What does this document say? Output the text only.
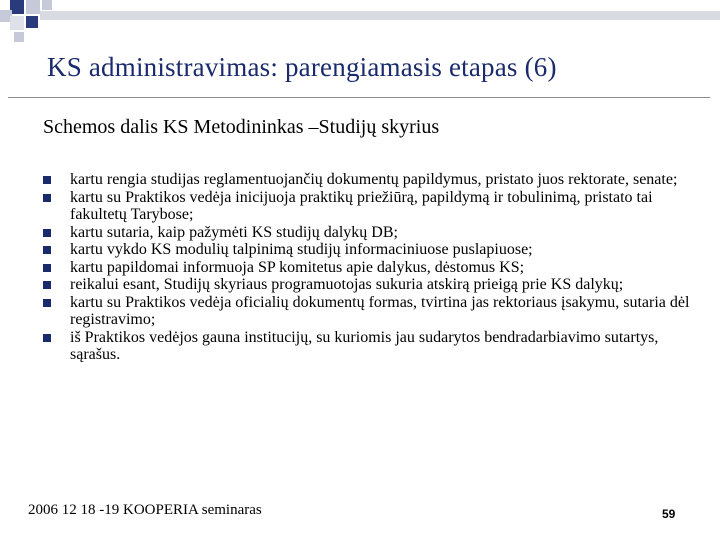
KS administravimas: parengiamasis etapas (6)
Schemos dalis KS Metodininkas –Studijų skyrius
kartu rengia studijas reglamentuojančių dokumentų papildymus, pristato juos rektorate, senate;
kartu su Praktikos vedėja inicijuoja praktikų priežiūrą, papildymą ir tobulinimą, pristato tai fakultetų Tarybose;
kartu sutaria, kaip pažymėti KS studijų dalykų DB;
kartu vykdo KS modulių talpinimą studijų informaciniuose puslapiuose;
kartu papildomai informuoja SP komitetus apie dalykus, dėstomus KS;
reikalui esant, Studijų skyriaus programuotojas sukuria atskirą prieigą prie KS dalykų;
kartu su Praktikos vedėja oficialių dokumentų formas, tvirtina jas rektoriaus įsakymu, sutaria dėl registravimo;
iš Praktikos vedėjos gauna institucijų, su kuriomis jau sudarytos bendradarbiavimo sutartys, sąrašus.
2006 12 18 -19 KOOPERIA seminaras	59
